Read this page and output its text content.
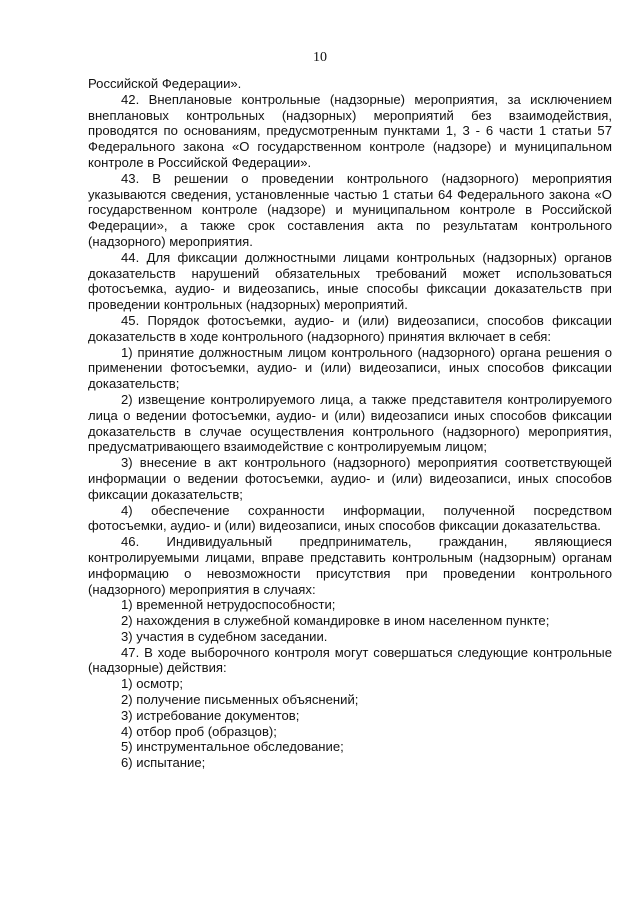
10

Российской Федерации».

42. Внеплановые контрольные (надзорные) мероприятия, за исключением внеплановых контрольных (надзорных) мероприятий без взаимодействия, проводятся по основаниям, предусмотренным пунктами 1, 3 - 6 части 1 статьи 57 Федерального закона «О государственном контроле (надзоре) и муниципальном контроле в Российской Федерации».

43. В решении о проведении контрольного (надзорного) мероприятия указываются сведения, установленные частью 1 статьи 64 Федерального закона «О государственном контроле (надзоре) и муниципальном контроле в Российской Федерации», а также срок составления акта по результатам контрольного (надзорного) мероприятия.

44. Для фиксации должностными лицами контрольных (надзорных) органов доказательств нарушений обязательных требований может использоваться фотосъемка, аудио- и видеозапись, иные способы фиксации доказательств при проведении контрольных (надзорных) мероприятий.

45. Порядок фотосъемки, аудио- и (или) видеозаписи, способов фиксации доказательств в ходе контрольного (надзорного) принятия включает в себя:

1) принятие должностным лицом контрольного (надзорного) органа решения о применении фотосъемки, аудио- и (или) видеозаписи, иных способов фиксации доказательств;

2) извещение контролируемого лица, а также представителя контролируемого лица о ведении фотосъемки, аудио- и (или) видеозаписи иных способов фиксации доказательств в случае осуществления контрольного (надзорного) мероприятия, предусматривающего взаимодействие с контролируемым лицом;

3) внесение в акт контрольного (надзорного) мероприятия соответствующей информации о ведении фотосъемки, аудио- и (или) видеозаписи, иных способов фиксации доказательств;

4) обеспечение сохранности информации, полученной посредством фотосъемки, аудио- и (или) видеозаписи, иных способов фиксации доказательства.

46. Индивидуальный предприниматель, гражданин, являющиеся контролируемыми лицами, вправе представить контрольным (надзорным) органам информацию о невозможности присутствия при проведении контрольного (надзорного) мероприятия в случаях:

1) временной нетрудоспособности;

2) нахождения в служебной командировке в ином населенном пункте;

3) участия в судебном заседании.

47. В ходе выборочного контроля могут совершаться следующие контрольные (надзорные) действия:

1) осмотр;

2) получение письменных объяснений;

3) истребование документов;

4) отбор проб (образцов);

5) инструментальное обследование;

6) испытание;
